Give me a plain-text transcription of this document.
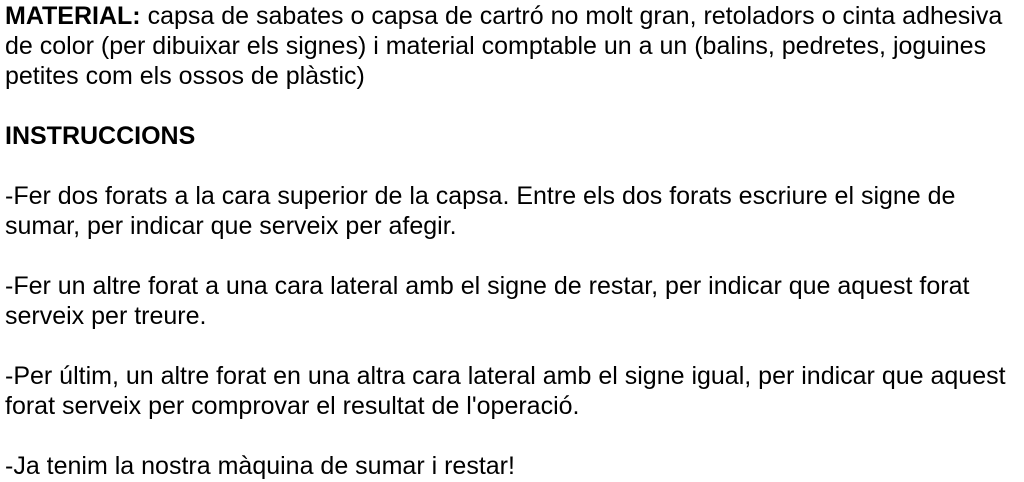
MATERIAL: capsa de sabates o capsa de cartró no molt gran, retoladors o cinta adhesiva
de color (per dibuixar els signes) i material comptable un a un (balins, pedretes, joguines
petites com els ossos de plàstic)
INSTRUCCIONS
-Fer dos forats a la cara superior de la capsa. Entre els dos forats escriure el signe de
sumar, per indicar que serveix per afegir.
-Fer un altre forat a una cara lateral amb el signe de restar, per indicar que aquest forat
serveix per treure.
-Per últim, un altre forat en una altra cara lateral amb el signe igual, per indicar que aquest
forat serveix per comprovar el resultat de l'operació.
-Ja tenim la nostra màquina de sumar i restar!
